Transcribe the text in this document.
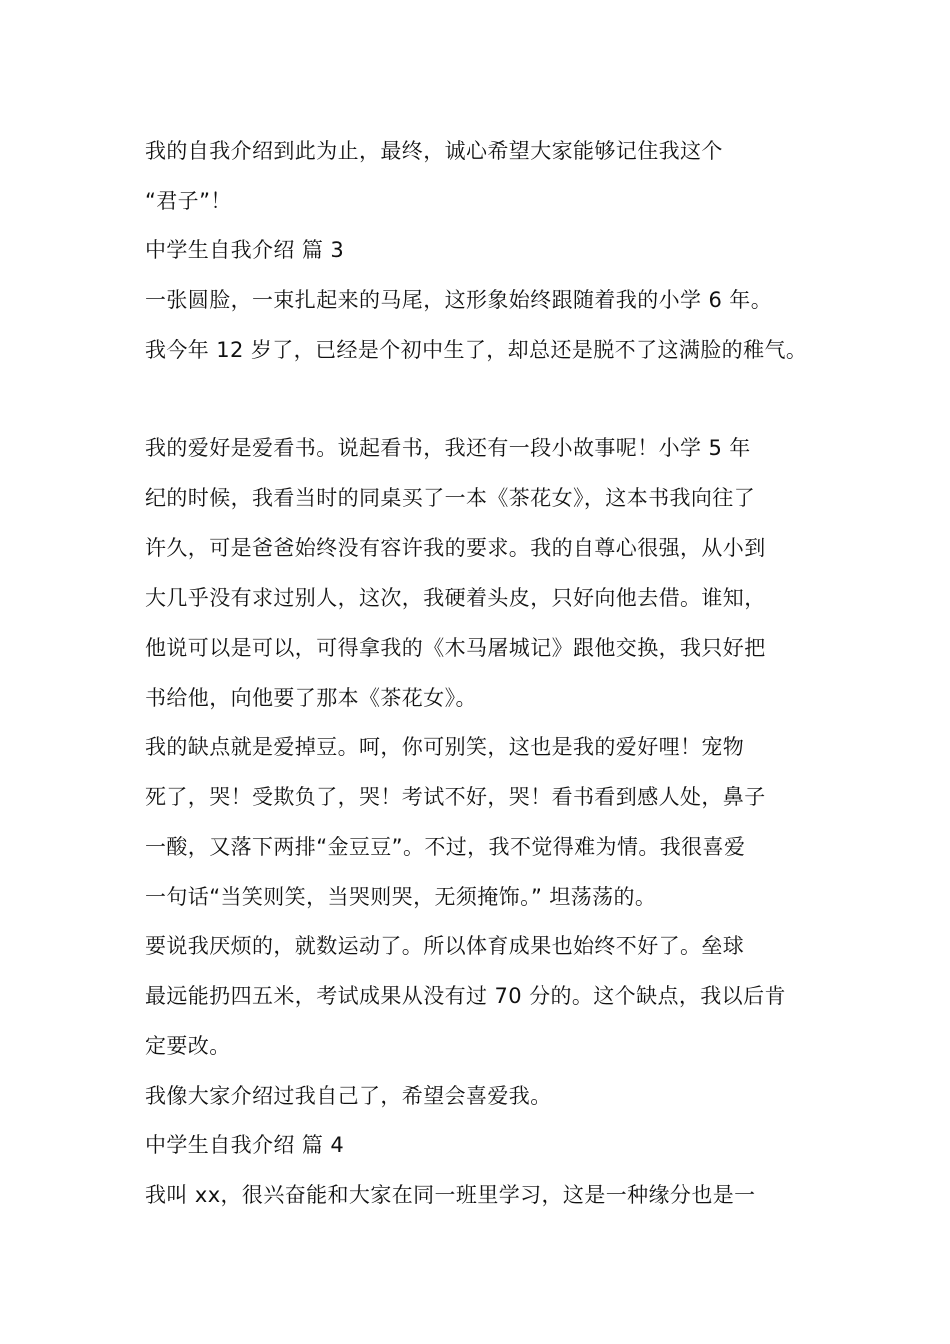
我的自我介绍到此为止，最终，诚心希望大家能够记住我这个
“君子”！
中学生自我介绍 篇 3
一张圆脸，一束扎起来的马尾，这形象始终跟随着我的小学 6 年。
我今年 12 岁了，已经是个初中生了，却总还是脱不了这满脸的稚气。
我的爱好是爱看书。说起看书，我还有一段小故事呢！小学 5 年
纪的时候，我看当时的同桌买了一本《茶花女》，这本书我向往了
许久，可是爸爸始终没有容许我的要求。我的自尊心很强，从小到
大几乎没有求过别人，这次，我硬着头皮，只好向他去借。谁知，
他说可以是可以，可得拿我的《木马屠城记》跟他交换，我只好把
书给他，向他要了那本《茶花女》。
我的缺点就是爱掉豆。呵，你可别笑，这也是我的爱好哩！宠物
死了，哭！受欺负了，哭！考试不好，哭！看书看到感人处，鼻子
一酸，又落下两排“金豆豆”。不过，我不觉得难为情。我很喜爱
一句话“当笑则笑，当哭则哭，无须掩饰。” 坦荡荡的。
要说我厌烦的，就数运动了。所以体育成果也始终不好了。垒球
最远能扔四五米，考试成果从没有过 70 分的。这个缺点，我以后肯
定要改。
我像大家介绍过我自己了，希望会喜爱我。
中学生自我介绍 篇 4
我叫 xx，很兴奋能和大家在同一班里学习，这是一种缘分也是一
